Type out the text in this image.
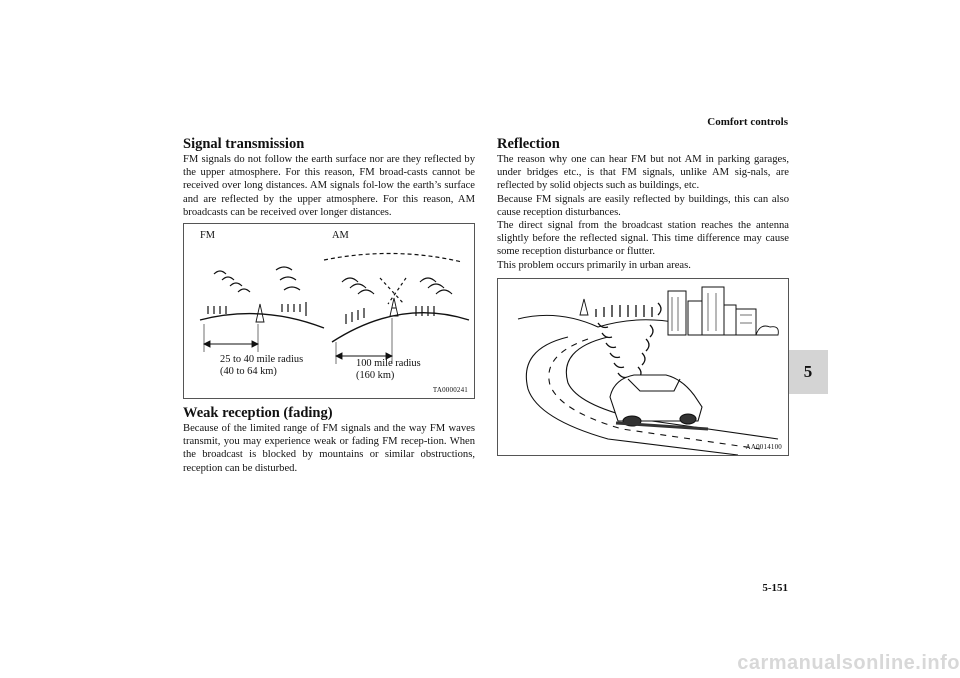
Comfort controls
5
Signal transmission

FM signals do not follow the earth surface nor are they reflected by the upper atmosphere. For this reason, FM broad-casts cannot be received over long distances. AM signals fol-low the earth’s surface and are reflected by the upper atmosphere. For this reason, AM broadcasts can be received over longer distances.

FM	AM
25 to 40 mile radius
(40 to 64 km)
100 mile radius
(160 km)
TA0000241
Weak reception (fading)

Because of the limited range of FM signals and the way FM waves transmit, you may experience weak or fading FM recep-tion. When the broadcast is blocked by mountains or similar obstructions, reception can be disturbed.

Reflection

The reason why one can hear FM but not AM in parking garages, under bridges etc., is that FM signals, unlike AM sig-nals, are reflected by solid objects such as buildings, etc.

Because FM signals are easily reflected by buildings, this can also cause reception disturbances.

The direct signal from the broadcast station reaches the antenna slightly before the reflected signal. This time difference may cause some reception disturbance or flutter.

This problem occurs primarily in urban areas.

AA0014100
5-151
carmanualsonline.info
